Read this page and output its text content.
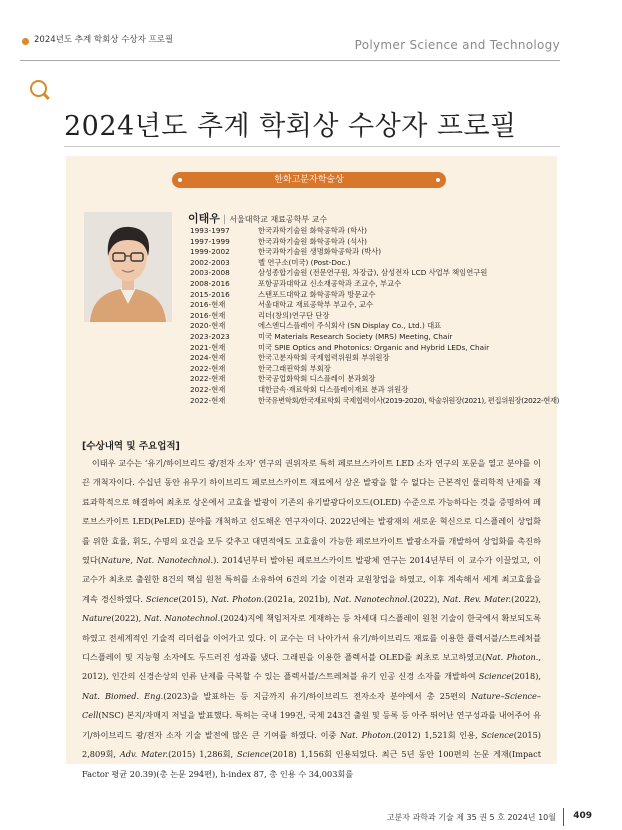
2024년도 추계 학회상 수상자 프로필	Polymer Science and Technology
2024년도 추계 학회상 수상자 프로필
한화고분자학술상
이태우 | 서울대학교 재료공학부 교수
1993-1997	한국과학기술원 화학공학과 (학사)
1997-1999	한국과학기술원 화학공학과 (석사)
1999-2002	한국과학기술원 생명화학공학과 (박사)
2002-2003	벨 연구소(미국) (Post-Doc.)
2003-2008	삼성종합기술원 (전문연구원, 차장급), 삼성전자 LCD 사업부 책임연구원
2008-2016	포항공과대학교 신소재공학과 조교수, 부교수
2015-2016	스탠포드대학교 화학공학과 방문교수
2016-현재	서울대학교 재료공학부 부교수, 교수
2016-현재	리더(창의)연구단 단장
2020-현재	에스엔디스플레이 주식회사 (SN Display Co., Ltd.) 대표
2023-2023	미국 Materials Research Society (MRS) Meeting, Chair
2021-현재	미국 SPIE Optics and Photonics: Organic and Hybrid LEDs, Chair
2024-현재	한국고분자학회 국제협력위원회 부위원장
2022-현재	한국그래핀학회 부회장
2022-현재	한국공업화학회 디스플레이 분과회장
2022-현재	대한금속·재료학회 디스플레이재료 분과 위원장
2022-현재	한국유변학회/한국재료학회 국제협력이사(2019-2020), 학술위원장(2021), 편집위원장(2022-현재)
[수상내역 및 주요업적]

이태우 교수는 ‘유기/하이브리드 광/전자 소자’ 연구의 권위자로 특히 페로브스카이트 LED 소자 연구의 포문을 열고 분야를 이끈 개척자이다. 수십년 동안 유무기 하이브리드 페로브스카이트 재료에서 상온 발광을 할 수 없다는 근본적인 물리학적 난제를 재료과학적으로 해결하여 최초로 상온에서 고효율 발광이 기존의 유기발광다이오드(OLED) 수준으로 가능하다는 것을 증명하여 페로브스카이트 LED(PeLED) 분야를 개척하고 선도해온 연구자이다. 2022년에는 발광재의 새로운 혁신으로 디스플레이 상업화를 위한 효율, 휘도, 수명의 요건을 모두 갖추고 대면적에도 고효율이 가능한 페로브카이트 발광소자를 개발하여 상업화를 촉진하였다(Nature, Nat. Nanotechnol.). 2014년부터 발아된 페로브스카이트 발광체 연구는 2014년부터 이 교수가 이끌었고, 이 교수가 최초로 출원한 8건의 핵심 원천 특허를 소유하여 6건의 기술 이전과 교원창업을 하였고, 이후 계속해서 세계 최고효율을 계속 경신하였다. Science(2015), Nat. Photon.(2021a, 2021b), Nat. Nanotechnol.(2022), Nat. Rev. Mater.(2022), Nature(2022), Nat. Nanotechnol.(2024)지에 책임저자로 게재하는 등 차세대 디스플레이 원천 기술이 한국에서 확보되도록 하였고 전세계적인 기술적 리더쉽을 이어가고 있다. 이 교수는 더 나아가서 유기/하이브리드 재료를 이용한 플렉서블/스트레쳐블 디스플레이 및 지능형 소자에도 두드러진 성과를 냈다. 그래핀을 이용한 플렉서블 OLED를 최초로 보고하였고(Nat. Photon., 2012), 인간의 신경손상의 인류 난제를 극복할 수 있는 플렉서블/스트레쳐블 유기 인공 신경 소자를 개발하여 Science(2018), Nat. Biomed. Eng.(2023)을 발표하는 등 지금까지 유기/하이브리드 전자소자 분야에서 총 25편의 Nature–Science–Cell(NSC) 본지/자매지 저널을 발표했다. 특허는 국내 199건, 국제 243건 출원 및 등록 등 아주 뛰어난 연구성과를 내어주어 유기/하이브리드 광/전자 소자 기술 발전에 많은 큰 기여를 하였다. 이중 Nat. Photon.(2012) 1,521회 인용, Science(2015) 2,809회, Adv. Mater.(2015) 1,286회, Science(2018) 1,156회 인용되었다. 최근 5년 동안 100편의 논문 게재(Impact Factor 평균 20.39)(총 논문 294편), h-index 87, 총 인용 수 34,003회를

고분자 과학과 기술 제 35 권 5 호 2024년 10월 409
